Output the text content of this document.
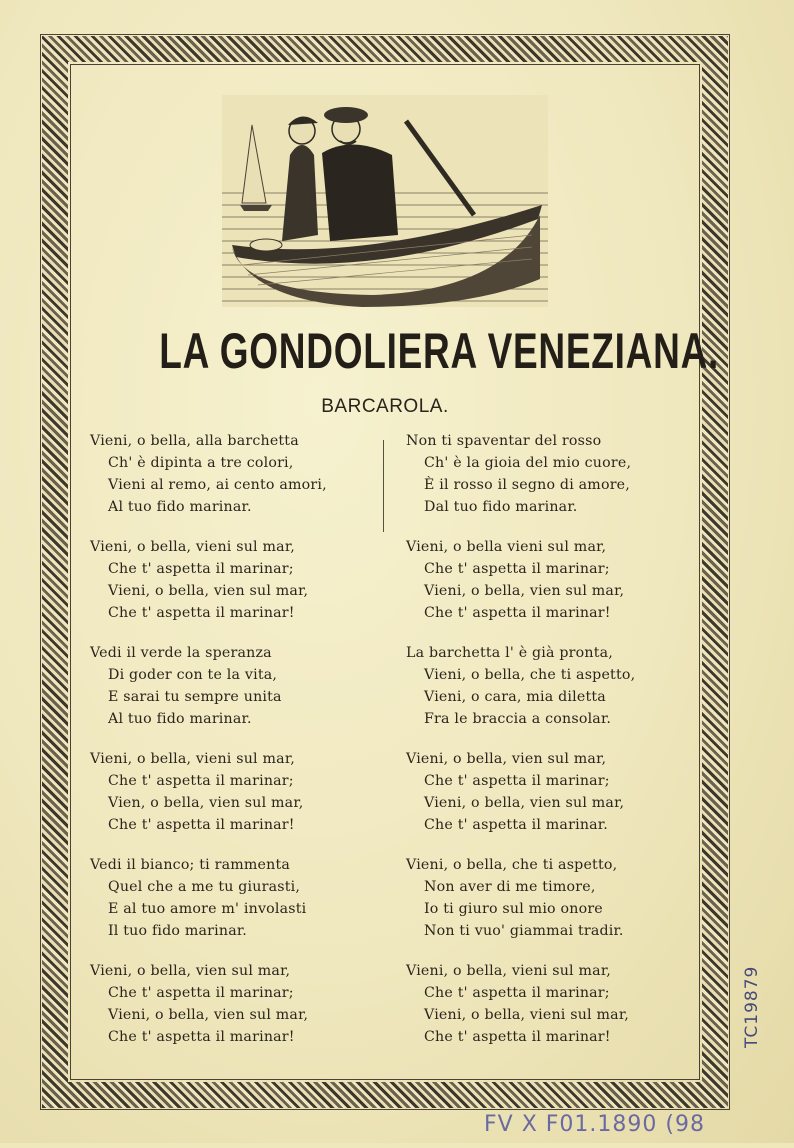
LA GONDOLIERA VENEZIANA.
BARCAROLA.
Vieni, o bella, alla barchetta
Ch' è dipinta a tre colori,
Vieni al remo, ai cento amori,
Al tuo fido marinar.
Vieni, o bella, vieni sul mar,
Che t' aspetta il marinar;
Vieni, o bella, vien sul mar,
Che t' aspetta il marinar!
Vedi il verde la speranza
Di goder con te la vita,
E sarai tu sempre unita
Al tuo fido marinar.
Vieni, o bella, vieni sul mar,
Che t' aspetta il marinar;
Vien, o bella, vien sul mar,
Che t' aspetta il marinar!
Vedi il bianco; ti rammenta
Quel che a me tu giurasti,
E al tuo amore m' involasti
Il tuo fido marinar.
Vieni, o bella, vien sul mar,
Che t' aspetta il marinar;
Vieni, o bella, vien sul mar,
Che t' aspetta il marinar!
Non ti spaventar del rosso
Ch' è la gioia del mio cuore,
È il rosso il segno di amore,
Dal tuo fido marinar.
Vieni, o bella vieni sul mar,
Che t' aspetta il marinar;
Vieni, o bella, vien sul mar,
Che t' aspetta il marinar!
La barchetta l' è già pronta,
Vieni, o bella, che ti aspetto,
Vieni, o cara, mia diletta
Fra le braccia a consolar.
Vieni, o bella, vien sul mar,
Che t' aspetta il marinar;
Vieni, o bella, vien sul mar,
Che t' aspetta il marinar.
Vieni, o bella, che ti aspetto,
Non aver di me timore,
Io ti giuro sul mio onore
Non ti vuo' giammai tradir.
Vieni, o bella, vieni sul mar,
Che t' aspetta il marinar;
Vieni, o bella, vieni sul mar,
Che t' aspetta il marinar!	TC19879
FV X F01.1890 (98
